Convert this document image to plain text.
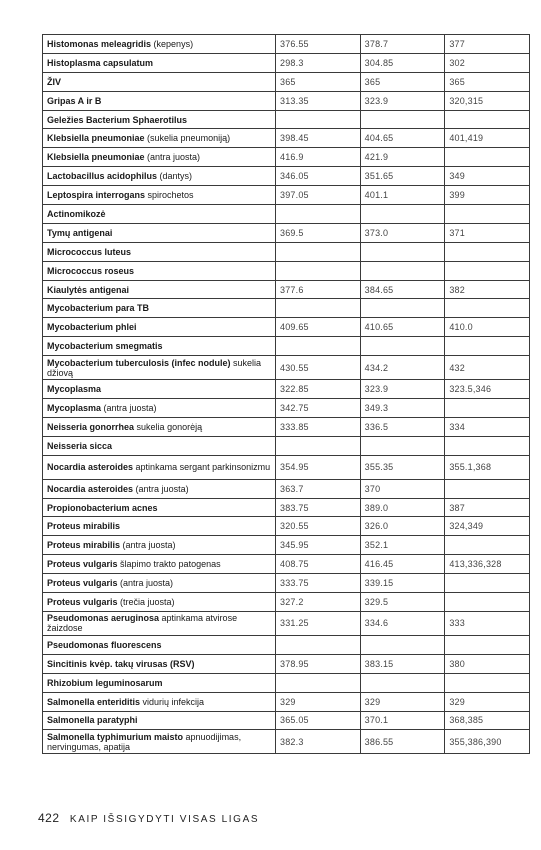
Histomonas meleagridis (kepenys)	376.55	378.7	377
Histoplasma capsulatum	298.3	304.85	302
ŽIV	365	365	365
Gripas A ir B	313.35	323.9	320,315
Geležies Bacterium Sphaerotilus			
Klebsiella pneumoniae (sukelia pneumoniją)	398.45	404.65	401,419
Klebsiella pneumoniae (antra juosta)	416.9	421.9	
Lactobacillus acidophilus (dantys)	346.05	351.65	349
Leptospira interrogans spirochetos	397.05	401.1	399
Actinomikozė			
Tymų antigenai	369.5	373.0	371
Micrococcus luteus			
Micrococcus roseus			
Kiaulytės antigenai	377.6	384.65	382
Mycobacterium para TB			
Mycobacterium phlei	409.65	410.65	410.0
Mycobacterium smegmatis			
Mycobacterium tuberculosis (infec nodule) sukelia džiovą	430.55	434.2	432
Mycoplasma	322.85	323.9	323.5,346
Mycoplasma (antra juosta)	342.75	349.3	
Neisseria gonorrhea sukelia gonorėją	333.85	336.5	334
Neisseria sicca			
Nocardia asteroides aptinkama sergant parkinsonizmu	354.95	355.35	355.1,368
Nocardia asteroides (antra juosta)	363.7	370	
Propionobacterium acnes	383.75	389.0	387
Proteus mirabilis	320.55	326.0	324,349
Proteus mirabilis (antra juosta)	345.95	352.1	
Proteus vulgaris šlapimo trakto patogenas	408.75	416.45	413,336,328
Proteus vulgaris (antra juosta)	333.75	339.15	
Proteus vulgaris (trečia juosta)	327.2	329.5	
Pseudomonas aeruginosa aptinkama atvirose žaizdose	331.25	334.6	333
Pseudomonas fluorescens			
Sincitinis kvėp. takų virusas (RSV)	378.95	383.15	380
Rhizobium leguminosarum			
Salmonella enteriditis vidurių infekcija	329	329	329
Salmonella paratyphi	365.05	370.1	368,385
Salmonella typhimurium maisto apnuodijimas, nervingumas, apatija	382.3	386.55	355,386,390
422 KAIP IŠSIGYDYTI VISAS LIGAS
